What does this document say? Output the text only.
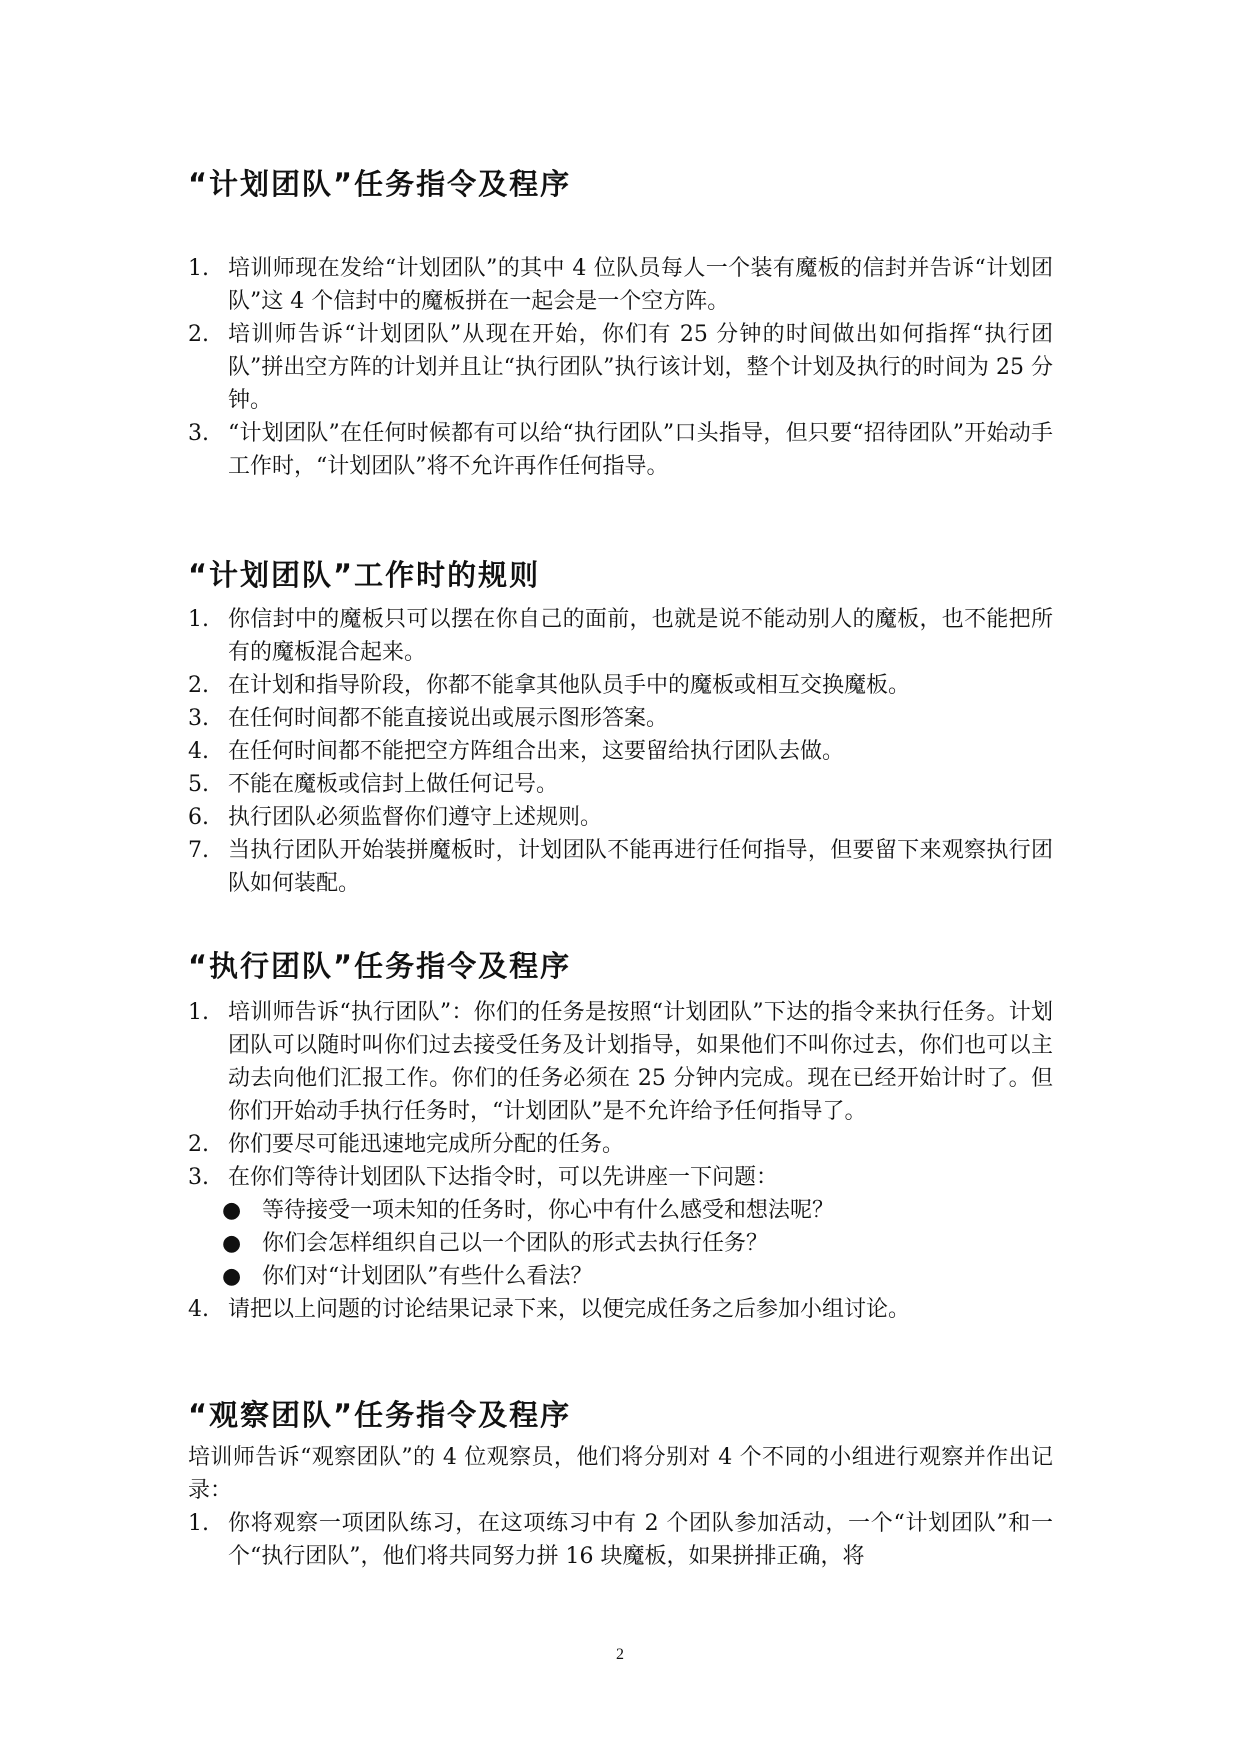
“计划团队”任务指令及程序
1. 培训师现在发给“计划团队”的其中 4 位队员每人一个装有魔板的信封并告诉“计划团队”这 4 个信封中的魔板拼在一起会是一个空方阵。
2. 培训师告诉“计划团队”从现在开始，你们有 25 分钟的时间做出如何指挥“执行团队”拼出空方阵的计划并且让“执行团队”执行该计划，整个计划及执行的时间为 25 分钟。
3. “计划团队”在任何时候都有可以给“执行团队”口头指导，但只要“招待团队”开始动手工作时，“计划团队”将不允许再作任何指导。
“计划团队”工作时的规则
1. 你信封中的魔板只可以摆在你自己的面前，也就是说不能动别人的魔板，也不能把所有的魔板混合起来。
2. 在计划和指导阶段，你都不能拿其他队员手中的魔板或相互交换魔板。
3. 在任何时间都不能直接说出或展示图形答案。
4. 在任何时间都不能把空方阵组合出来，这要留给执行团队去做。
5. 不能在魔板或信封上做任何记号。
6. 执行团队必须监督你们遵守上述规则。
7. 当执行团队开始装拼魔板时，计划团队不能再进行任何指导，但要留下来观察执行团队如何装配。
“执行团队”任务指令及程序
1. 培训师告诉“执行团队”：你们的任务是按照“计划团队”下达的指令来执行任务。计划团队可以随时叫你们过去接受任务及计划指导，如果他们不叫你过去，你们也可以主动去向他们汇报工作。你们的任务必须在 25 分钟内完成。现在已经开始计时了。但你们开始动手执行任务时，“计划团队”是不允许给予任何指导了。
2. 你们要尽可能迅速地完成所分配的任务。
3. 在你们等待计划团队下达指令时，可以先讲座一下问题：
● 等待接受一项未知的任务时，你心中有什么感受和想法呢？
● 你们会怎样组织自己以一个团队的形式去执行任务？
● 你们对“计划团队”有些什么看法？
4. 请把以上问题的讨论结果记录下来，以便完成任务之后参加小组讨论。
“观察团队”任务指令及程序

培训师告诉“观察团队”的 4 位观察员，他们将分别对 4 个不同的小组进行观察并作出记录：

1. 你将观察一项团队练习，在这项练习中有 2 个团队参加活动，一个“计划团队”和一个“执行团队”，他们将共同努力拼 16 块魔板，如果拼排正确，将
2
